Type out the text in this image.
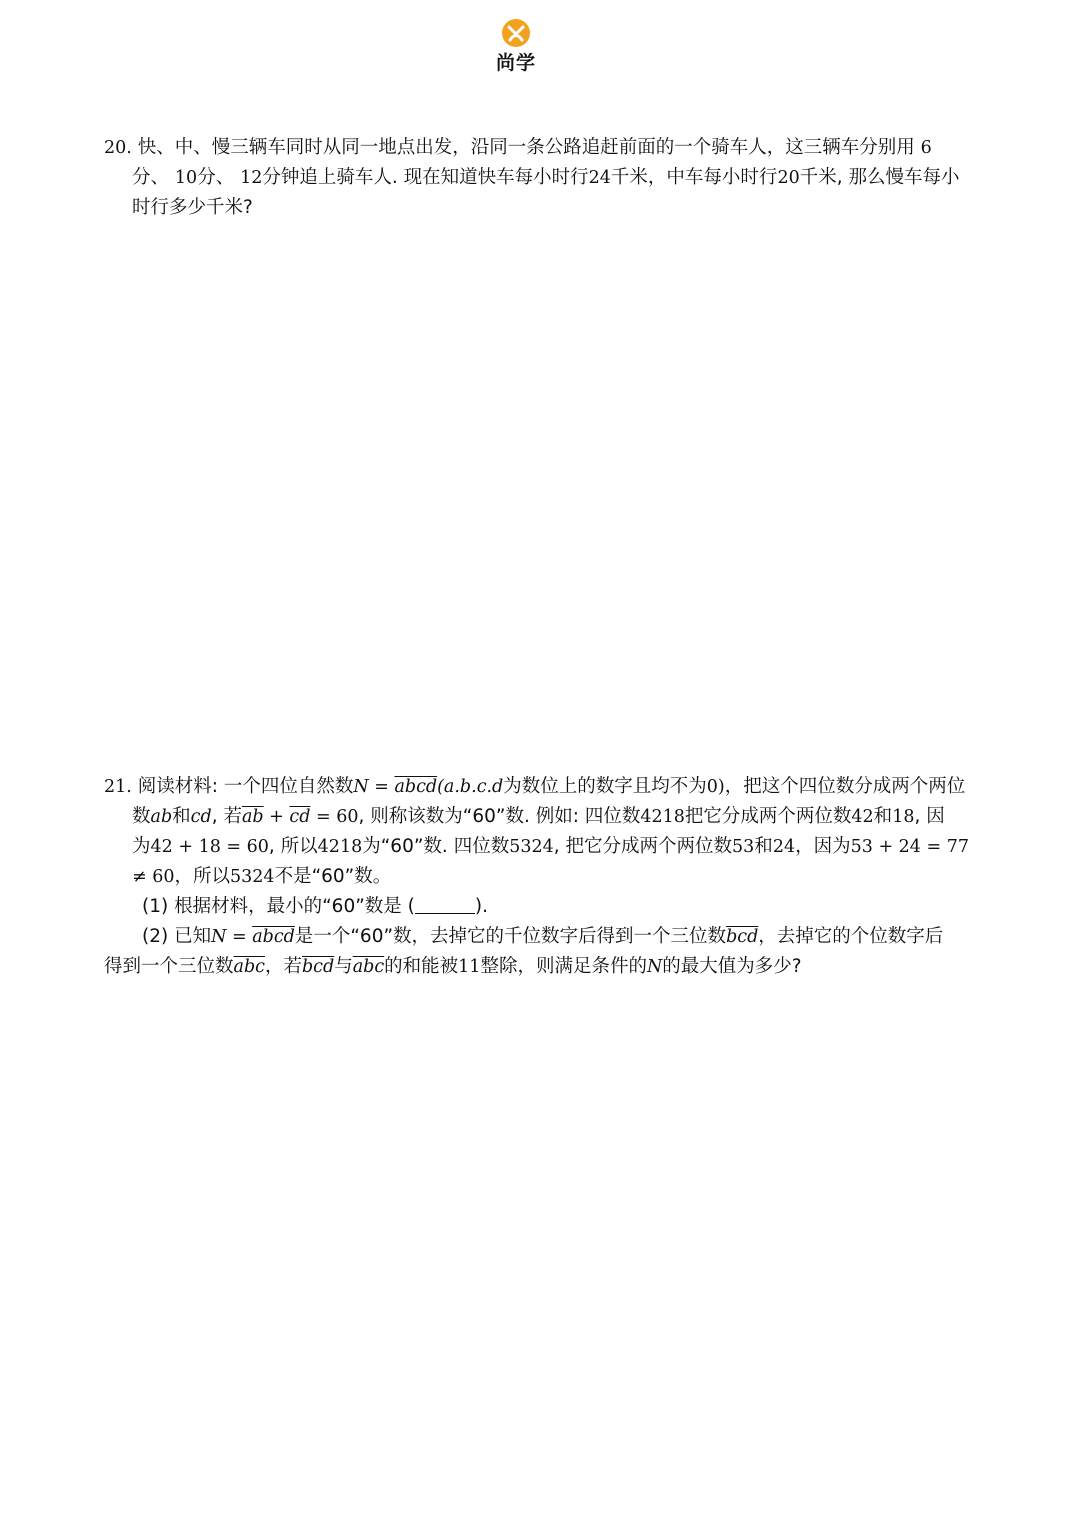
尚学
20. 快、中、慢三辆车同时从同一地点出发，沿同一条公路追赶前面的一个骑车人，这三辆车分别用 6
分、 10分、 12分钟追上骑车人. 现在知道快车每小时行24千米，中车每小时行20千米, 那么慢车每小
时行多少千米?
21. 阅读材料: 一个四位自然数N = abcd(a.b.c.d为数位上的数字且均不为0)，把这个四位数分成两个两位
数ab和cd, 若$\overline{ab} + \overline{cd} = 60$, 则称该数为“60”数. 例如: 四位数4218把它分成两个两位数42和18, 因
为42 + 18 = 60, 所以4218为“60”数. 四位数5324, 把它分成两个两位数53和24，因为53 + 24 = 77
≠ 60，所以5324不是“60”数。
(1) 根据材料，最小的“60”数是 (	).
(2) 已知N = abcd是一个“60”数，去掉它的千位数字后得到一个三位数$\overline{bcd}$，去掉它的个位数字后
得到一个三位数$\overline{abc}$，若$\overline{bcd}$与$\overline{abc}$的和能被11整除，则满足条件的N的最大值为多少?
